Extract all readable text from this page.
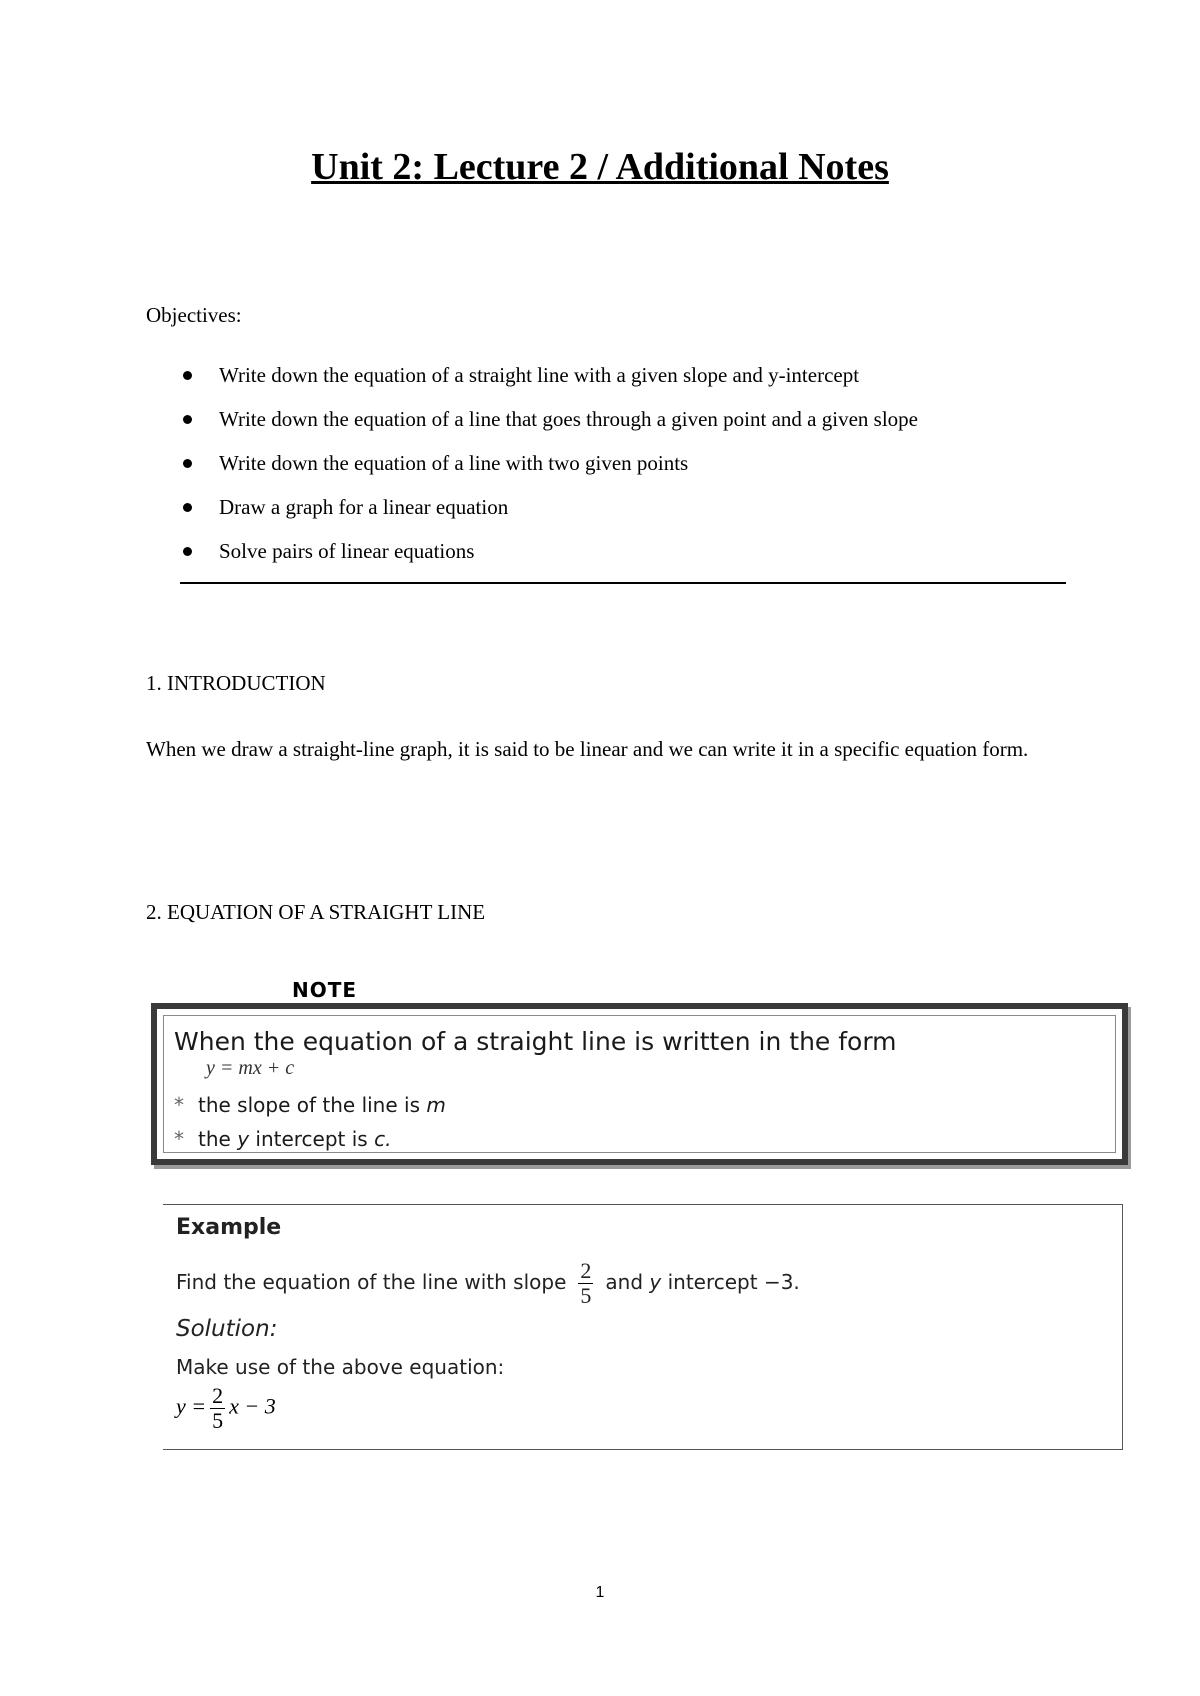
Unit 2: Lecture 2 / Additional Notes
Objectives:
Write down the equation of a straight line with a given slope and y-intercept
Write down the equation of a line that goes through a given point and a given slope
Write down the equation of a line with two given points
Draw a graph for a linear equation
Solve pairs of linear equations
1. INTRODUCTION
When we draw a straight-line graph, it is said to be linear and we can write it in a specific equation form.
2. EQUATION OF A STRAIGHT LINE
NOTE
When the equation of a straight line is written in the form
y = mx + c
* the slope of the line is m
* the y intercept is c.
Example
Find the equation of the line with slope $\frac{2}{5}$ and y intercept −3.
Solution:
Make use of the above equation:
$y = \frac{2}{5}$ x − 3
1
